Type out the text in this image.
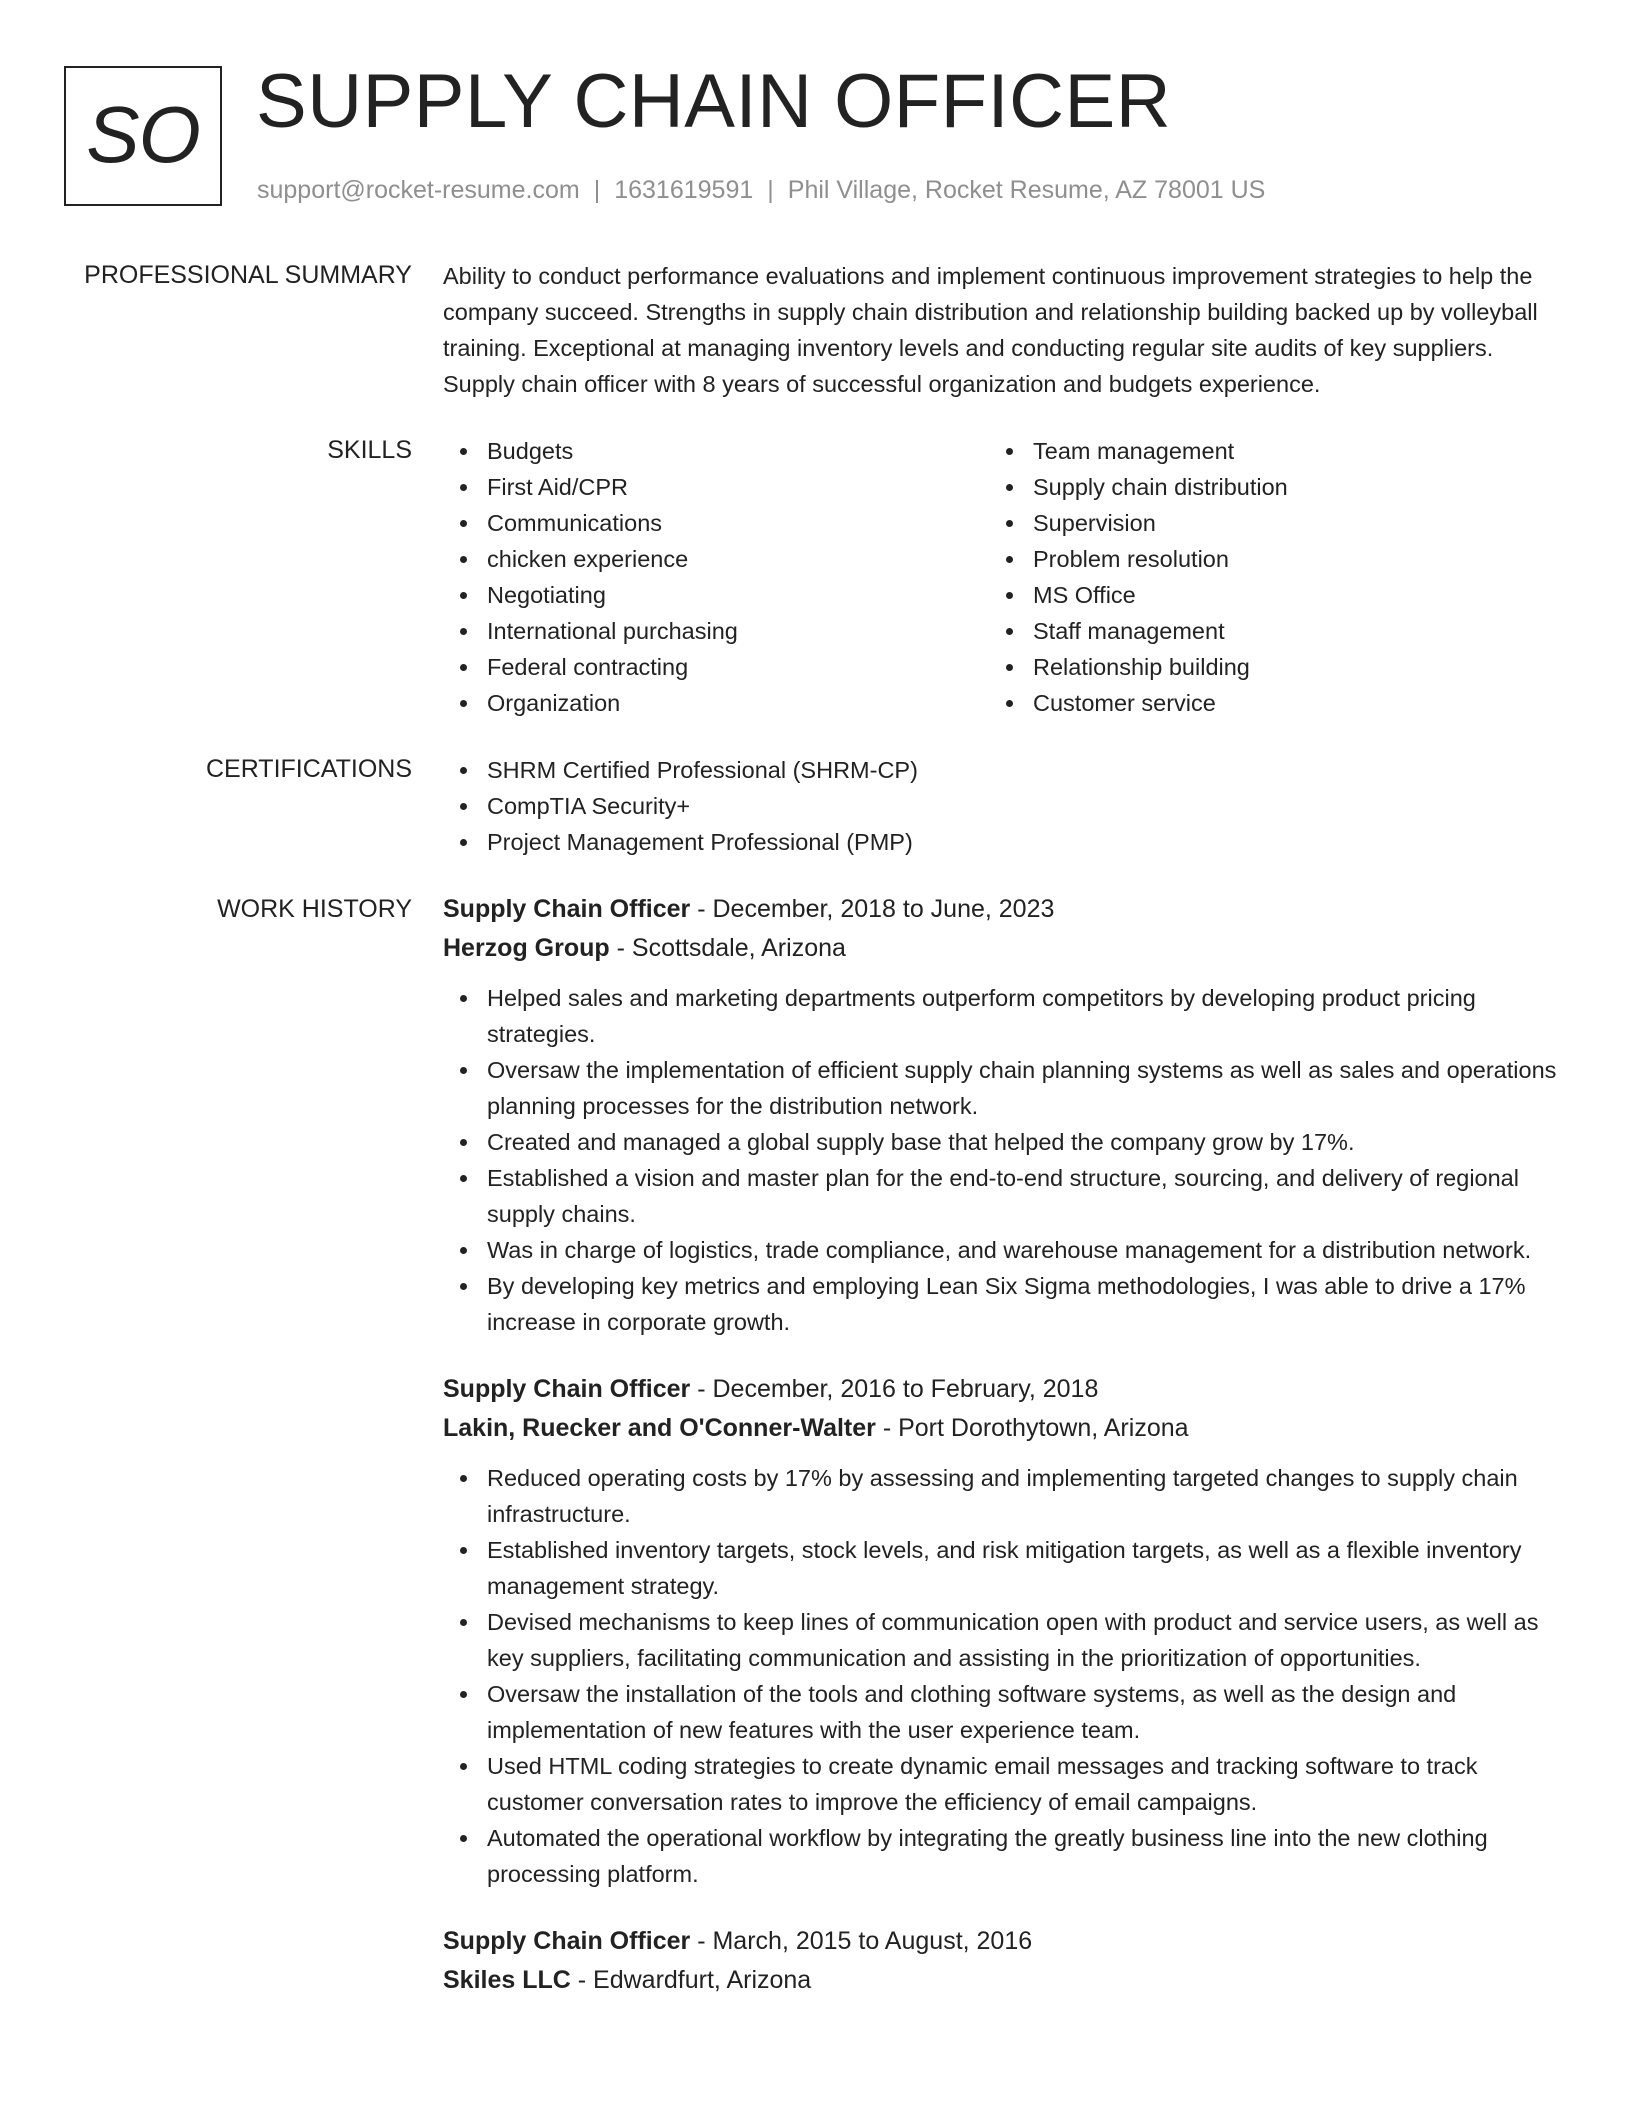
SO SUPPLY CHAIN OFFICER
support@rocket-resume.com | 1631619591 | Phil Village, Rocket Resume, AZ 78001 US
PROFESSIONAL SUMMARY Ability to conduct performance evaluations and implement continuous improvement strategies to help the company succeed. Strengths in supply chain distribution and relationship building backed up by volleyball training. Exceptional at managing inventory levels and conducting regular site audits of key suppliers. Supply chain officer with 8 years of successful organization and budgets experience.

SKILLS	Budgets
First Aid/CPR
Communications
chicken experience
Negotiating
International purchasing
Federal contracting
Organization
Team management
Supply chain distribution
Supervision
Problem resolution
MS Office
Staff management
Relationship building
Customer service
CERTIFICATIONS	SHRM Certified Professional (SHRM-CP)
CompTIA Security+
Project Management Professional (PMP)
WORK HISTORY Supply Chain Officer - December, 2018 to June, 2023
Herzog Group - Scottsdale, Arizona
Helped sales and marketing departments outperform competitors by developing product pricing strategies.
Oversaw the implementation of efficient supply chain planning systems as well as sales and operations planning processes for the distribution network.
Created and managed a global supply base that helped the company grow by 17%.
Established a vision and master plan for the end-to-end structure, sourcing, and delivery of regional supply chains.
Was in charge of logistics, trade compliance, and warehouse management for a distribution network.
By developing key metrics and employing Lean Six Sigma methodologies, I was able to drive a 17% increase in corporate growth.
Supply Chain Officer - December, 2016 to February, 2018
Lakin, Ruecker and O'Conner-Walter - Port Dorothytown, Arizona
Reduced operating costs by 17% by assessing and implementing targeted changes to supply chain infrastructure.
Established inventory targets, stock levels, and risk mitigation targets, as well as a flexible inventory management strategy.
Devised mechanisms to keep lines of communication open with product and service users, as well as key suppliers, facilitating communication and assisting in the prioritization of opportunities.
Oversaw the installation of the tools and clothing software systems, as well as the design and implementation of new features with the user experience team.
Used HTML coding strategies to create dynamic email messages and tracking software to track customer conversation rates to improve the efficiency of email campaigns.
Automated the operational workflow by integrating the greatly business line into the new clothing processing platform.
Supply Chain Officer - March, 2015 to August, 2016
Skiles LLC - Edwardfurt, Arizona
